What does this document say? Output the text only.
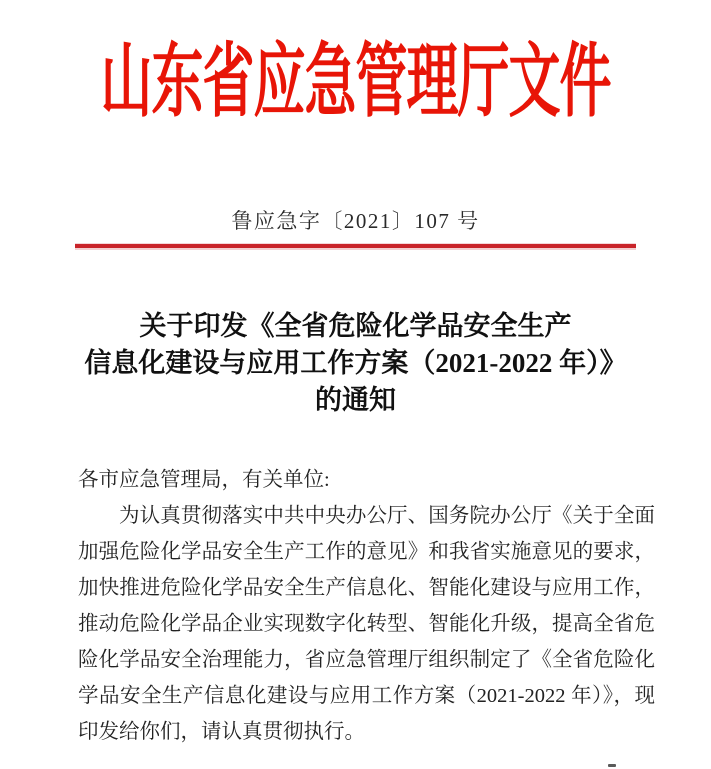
山东省应急管理厅文件
鲁应急字〔2021〕107 号
关于印发《全省危险化学品安全生产
信息化建设与应用工作方案（2021-2022 年）》
的通知
各市应急管理局，有关单位:
为认真贯彻落实中共中央办公厅、国务院办公厅《关于全面
加强危险化学品安全生产工作的意见》和我省实施意见的要求，
加快推进危险化学品安全生产信息化、智能化建设与应用工作，
推动危险化学品企业实现数字化转型、智能化升级，提高全省危
险化学品安全治理能力，省应急管理厅组织制定了《全省危险化
学品安全生产信息化建设与应用工作方案（2021-2022 年）》，现
印发给你们，请认真贯彻执行。
